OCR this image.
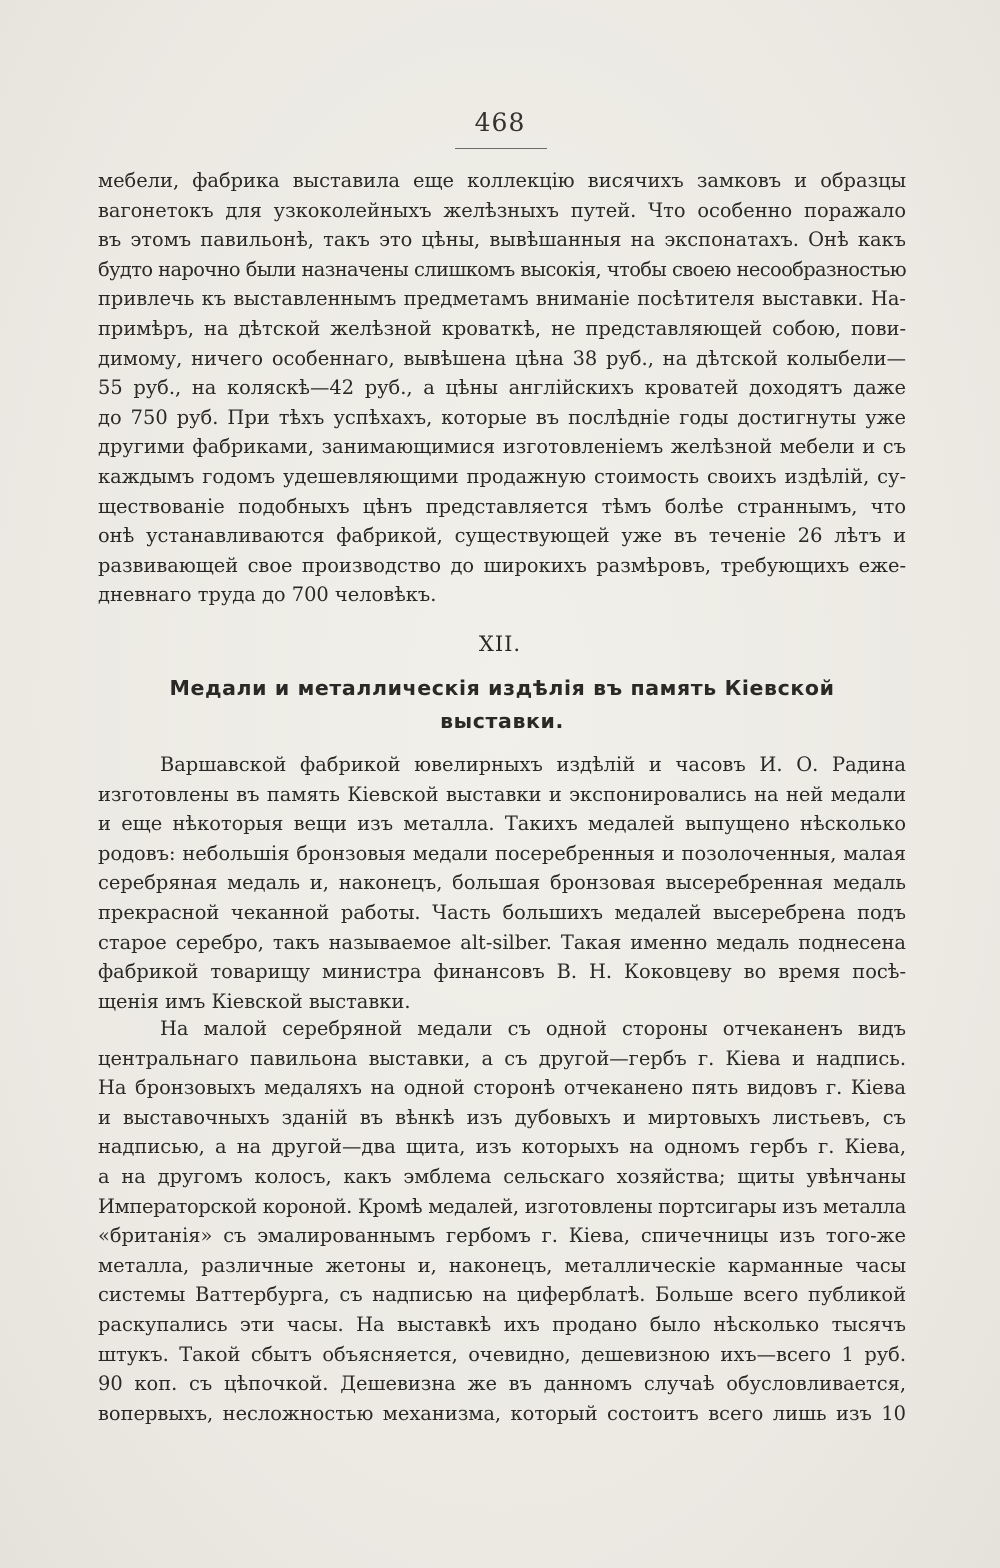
468
мебели, фабрика выставила еще коллекцію висячихъ замковъ и образцы
вагонетокъ для узкоколейныхъ желѣзныхъ путей. Что особенно поражало
въ этомъ павильонѣ, такъ это цѣны, вывѣшанныя на экспонатахъ. Онѣ какъ
будто нарочно были назначены слишкомъ высокія, чтобы своею несообразностью
привлечь къ выставленнымъ предметамъ вниманіе посѣтителя выставки. На-
примѣръ, на дѣтской желѣзной кроваткѣ, не представляющей собою, пови-
димому, ничего особеннаго, вывѣшена цѣна 38 руб., на дѣтской колыбели—
55 руб., на коляскѣ—42 руб., а цѣны англійскихъ кроватей доходятъ даже
до 750 руб. При тѣхъ успѣхахъ, которые въ послѣдніе годы достигнуты уже
другими фабриками, занимающимися изготовленіемъ желѣзной мебели и съ
каждымъ годомъ удешевляющими продажную стоимость своихъ издѣлій, су-
ществованіе подобныхъ цѣнъ представляется тѣмъ болѣе страннымъ, что
онѣ устанавливаются фабрикой, существующей уже въ теченіе 26 лѣтъ и
развивающей свое производство до широкихъ размѣровъ, требующихъ еже-
дневнаго труда до 700 человѣкъ.
XII.
Медали и металлическія издѣлія въ память Кіевской
выставки.
Варшавской фабрикой ювелирныхъ издѣлій и часовъ И. О. Радина
изготовлены въ память Кіевской выставки и экспонировались на ней медали
и еще нѣкоторыя вещи изъ металла. Такихъ медалей выпущено нѣсколько
родовъ: небольшія бронзовыя медали посеребренныя и позолоченныя, малая
серебряная медаль и, наконецъ, большая бронзовая высеребренная медаль
прекрасной чеканной работы. Часть большихъ медалей высеребрена подъ
старое серебро, такъ называемое alt-silber. Такая именно медаль поднесена
фабрикой товарищу министра финансовъ В. Н. Коковцеву во время посѣ-
щенія имъ Кіевской выставки.
На малой серебряной медали съ одной стороны отчеканенъ видъ
центральнаго павильона выставки, а съ другой—гербъ г. Кіева и надпись.
На бронзовыхъ медаляхъ на одной сторонѣ отчеканено пять видовъ г. Кіева
и выставочныхъ зданій въ вѣнкѣ изъ дубовыхъ и миртовыхъ листьевъ, съ
надписью, а на другой—два щита, изъ которыхъ на одномъ гербъ г. Кіева,
а на другомъ колосъ, какъ эмблема сельскаго хозяйства; щиты увѣнчаны
Императорской короной. Кромѣ медалей, изготовлены портсигары изъ металла
«британія» съ эмалированнымъ гербомъ г. Кіева, спичечницы изъ того-же
металла, различные жетоны и, наконецъ, металлическіе карманные часы
системы Ваттербурга, съ надписью на циферблатѣ. Больше всего публикой
раскупались эти часы. На выставкѣ ихъ продано было нѣсколько тысячъ
штукъ. Такой сбытъ объясняется, очевидно, дешевизною ихъ—всего 1 руб.
90 коп. съ цѣпочкой. Дешевизна же въ данномъ случаѣ обусловливается,
вопервыхъ, несложностью механизма, который состоитъ всего лишь изъ 10
